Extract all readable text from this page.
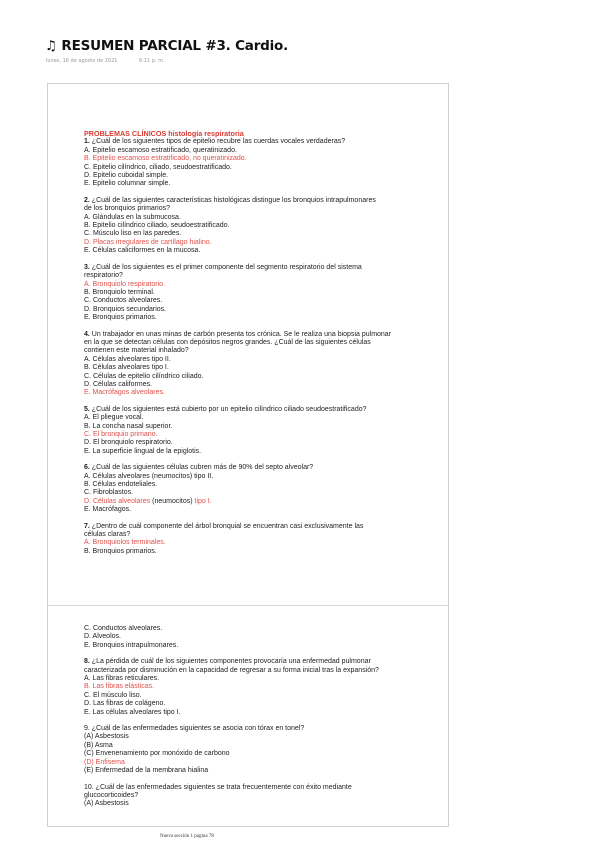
♫ RESUMEN PARCIAL #3. Cardio.
lunes, 16 de agosto de 2021	6:11 p. m.
PROBLEMAS CLÍNICOS histología respiratoria
1. ¿Cuál de los siguientes tipos de epitelio recubre las cuerdas vocales verdaderas?
A. Epitelio escamoso estratificado, queratinizado.
B. Epitelio escamoso estratificado, no queratinizado.
C. Epitelio cilíndrico, ciliado, seudoestratificado.
D. Epitelio cuboidal simple.
E. Epitelio columnar simple.
2. ¿Cuál de las siguientes características histológicas distingue los bronquios intrapulmonares
de los bronquios primarios?
A. Glándulas en la submucosa.
B. Epitelio cilíndrico ciliado, seudoestratificado.
C. Músculo liso en las paredes.
D. Placas irregulares de cartílago hialino.
E. Células caliciformes en la mucosa.
3. ¿Cuál de los siguientes es el primer componente del segmento respiratorio del sistema
respiratorio?
A. Bronquiolo respiratorio.
B. Bronquiolo terminal.
C. Conductos alveolares.
D. Bronquios secundarios.
E. Bronquios primarios.
4. Un trabajador en unas minas de carbón presenta tos crónica. Se le realiza una biopsia pulmonar
en la que se detectan células con depósitos negros grandes. ¿Cuál de las siguientes células
contienen este material inhalado?
A. Células alveolares tipo II.
B. Células alveolares tipo I.
C. Células de epitelio cilíndrico ciliado.
D. Células califormes.
E. Macrófagos alveolares.
5. ¿Cuál de los siguientes está cubierto por un epitelio cilíndrico ciliado seudoestratificado?
A. El pliegue vocal.
B. La concha nasal superior.
C. El bronquio primario.
D. El bronquiolo respiratorio.
E. La superficie lingual de la epiglotis.
6. ¿Cuál de las siguientes células cubren más de 90% del septo alveolar?
A. Células alveolares (neumocitos) tipo II.
B. Células endoteliales.
C. Fibroblastos.
D. Células alveolares (neumocitos) tipo I.
E. Macrófagos.
7. ¿Dentro de cuál componente del árbol bronquial se encuentran casi exclusivamente las
células claras?
A. Bronquiolos terminales.
B. Bronquios primarios.
C. Conductos alveolares.
D. Alveolos.
E. Bronquios intrapulmonares.
8. ¿La pérdida de cuál de los siguientes componentes provocaría una enfermedad pulmonar
caracterizada por disminución en la capacidad de regresar a su forma inicial tras la expansión?
A. Las fibras reticulares.
B. Las fibras elásticas.
C. El músculo liso.
D. Las fibras de colágeno.
E. Las células alveolares tipo I.
9. ¿Cuál de las enfermedades siguientes se asocia con tórax en tonel?
(A) Asbestosis
(B) Asma
(C) Envenenamiento por monóxido de carbono
(D) Enfisema
(E) Enfermedad de la membrana hialina
10. ¿Cuál de las enfermedades siguientes se trata frecuentemente con éxito mediante
glucocorticoides?
(A) Asbestosis
Nueva sección 1 página 78
